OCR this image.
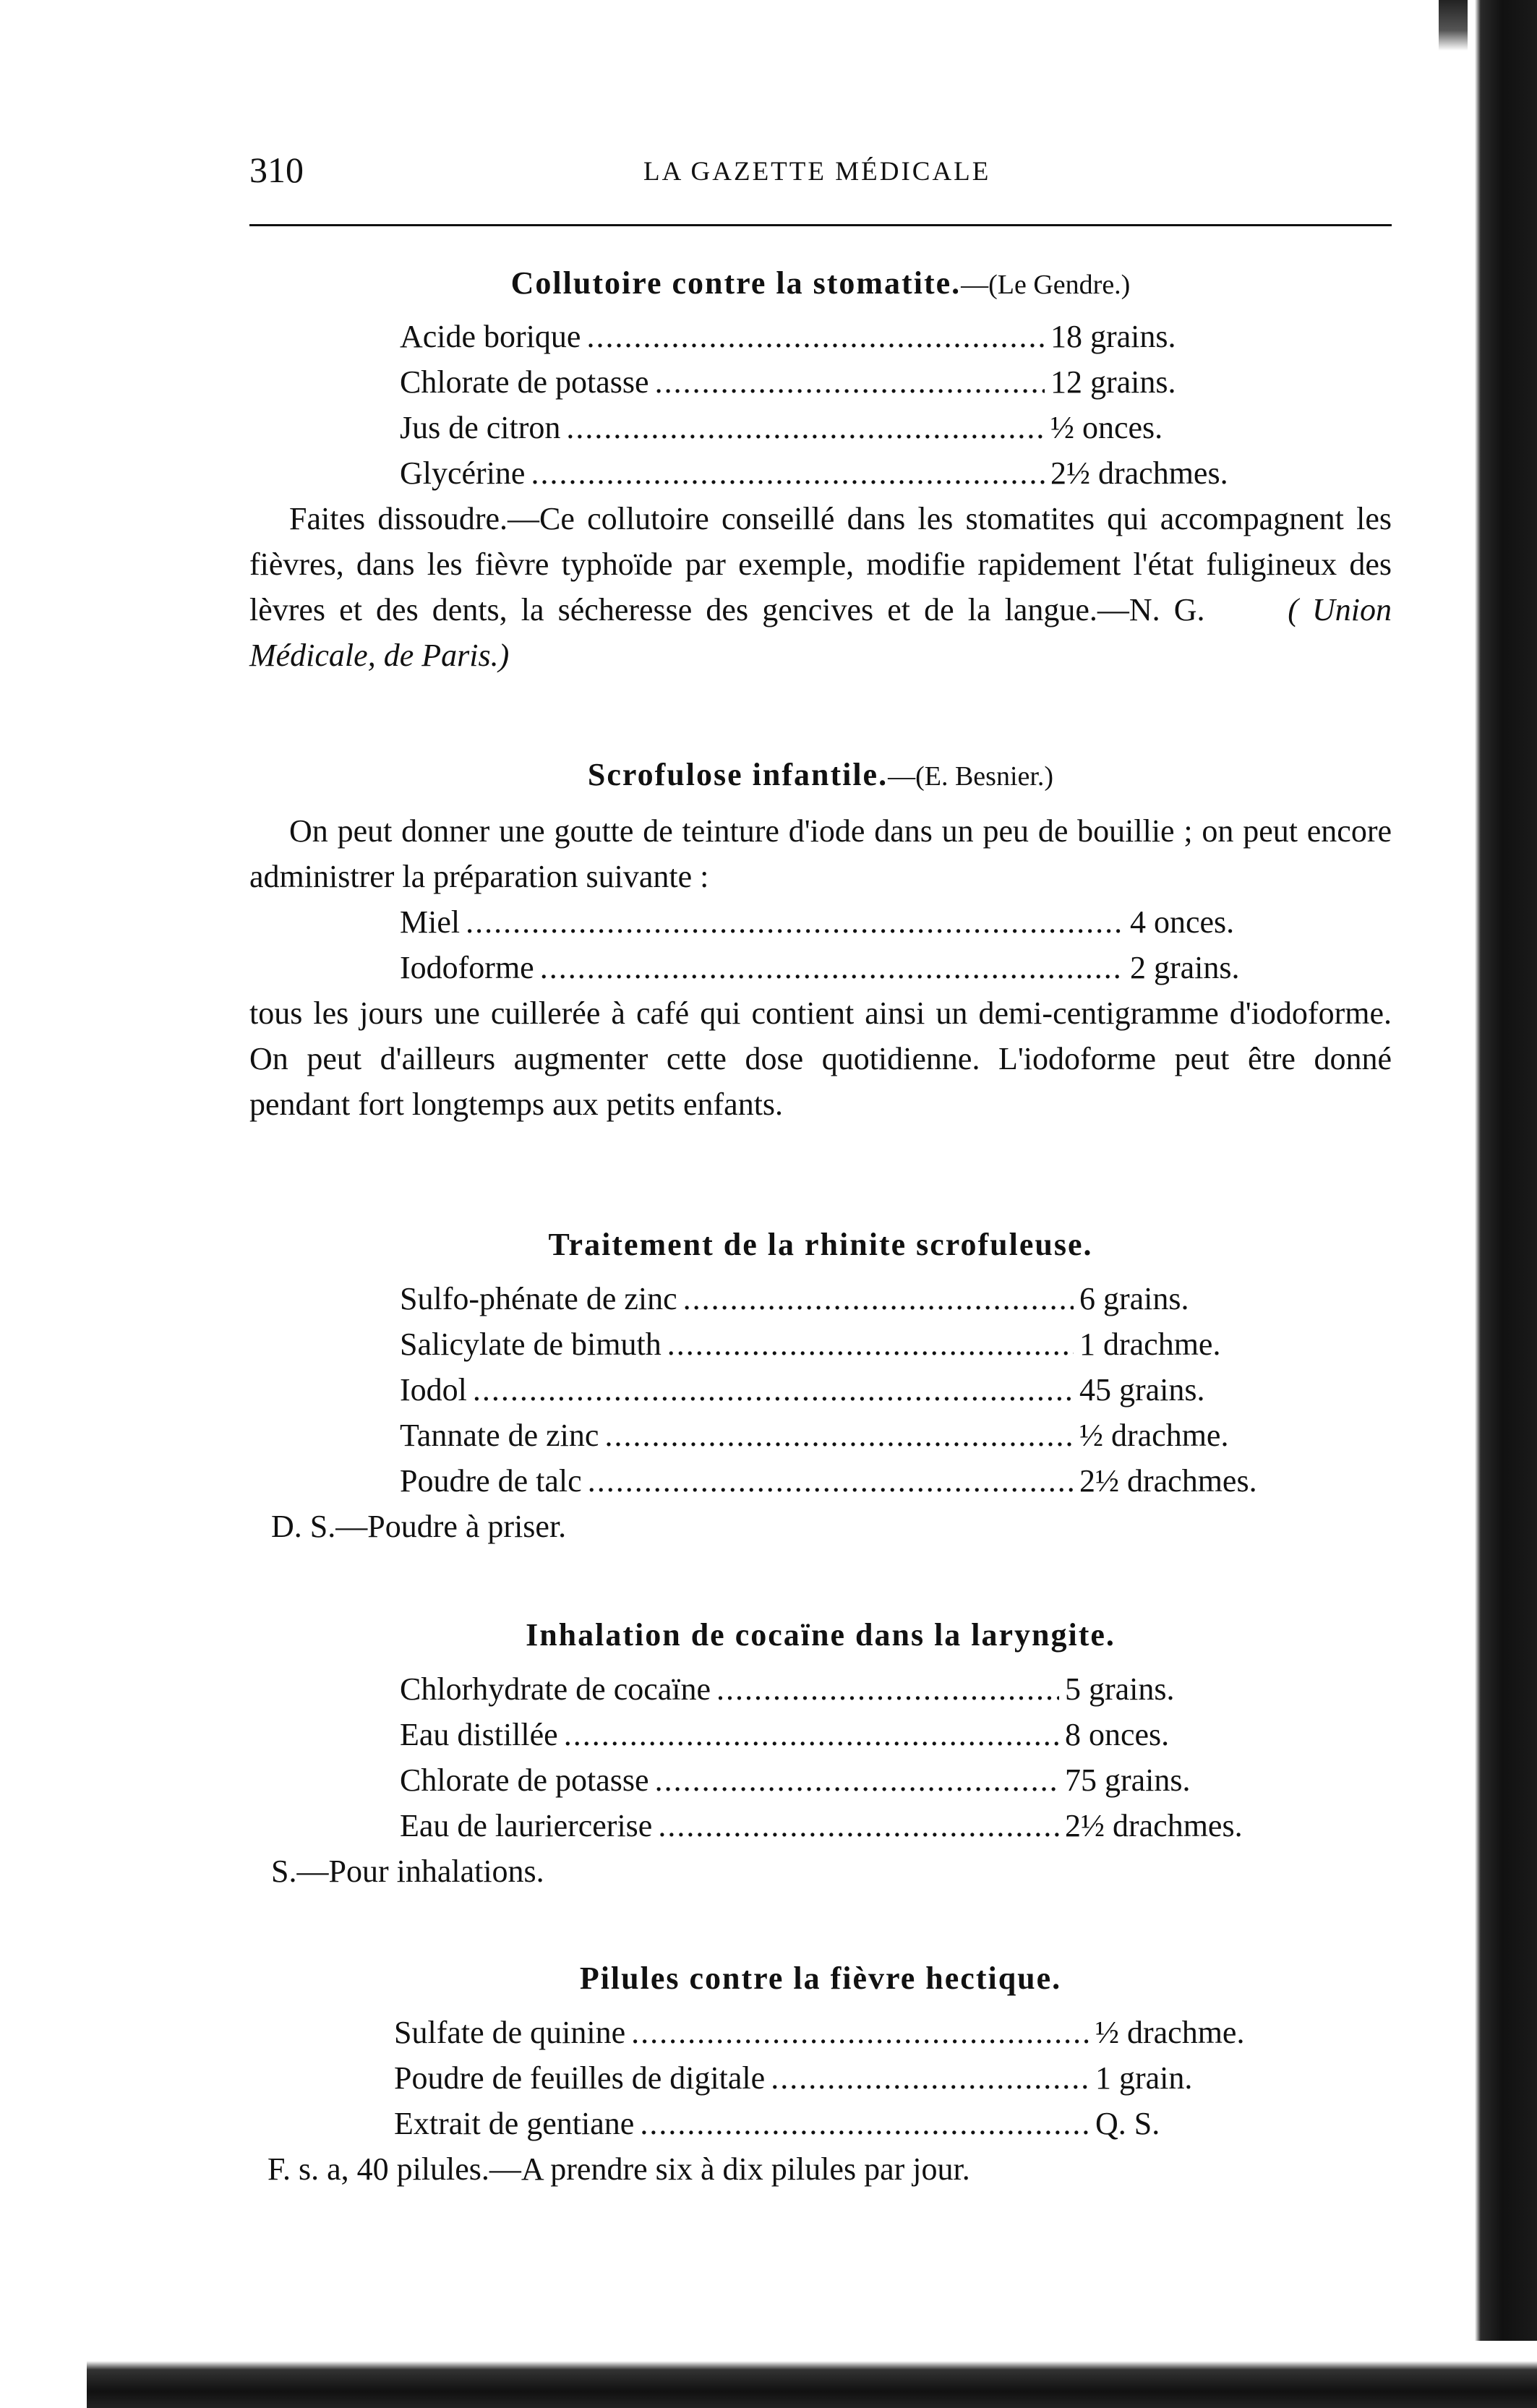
310	LA GAZETTE MÉDICALE
Collutoire contre la stomatite.—(Le Gendre.)
Acide borique .....	18 grains.
Chlorate de potasse .....	12 grains.
Jus de citron .....	½ onces.
Glycérine .....	2½ drachmes.

Faites dissoudre.—Ce collutoire conseillé dans les stomatites qui accompagnent les fièvres, dans les fièvre typhoïde par exemple, modifie rapidement l'état fuligineux des lèvres et des dents, la sécheresse des gencives et de la langue.—N. G.	( Union Médicale, de Paris.)

Scrofulose infantile.—(E. Besnier.)

On peut donner une goutte de teinture d'iode dans un peu de bouillie ; on peut encore administrer la préparation suivante :

Miel .....	4 onces.
Iodoforme .....	2 grains.

tous les jours une cuillerée à café qui contient ainsi un demi-centigramme d'iodoforme. On peut d'ailleurs augmenter cette dose quotidienne. L'iodoforme peut être donné pendant fort longtemps aux petits enfants.

Traitement de la rhinite scrofuleuse.
Sulfo-phénate de zinc .....	6 grains.
Salicylate de bimuth .....	1 drachme.
Iodol .....	45 grains.
Tannate de zinc .....	½ drachme.
Poudre de talc .....	2½ drachmes.

D. S.—Poudre à priser.

Inhalation de cocaïne dans la laryngite.
Chlorhydrate de cocaïne .....	5 grains.
Eau distillée .....	8 onces.
Chlorate de potasse .....	75 grains.
Eau de lauriercerise .....	2½ drachmes.

S.—Pour inhalations.

Pilules contre la fièvre hectique.
Sulfate de quinine .....	½ drachme.
Poudre de feuilles de digitale .....	1 grain.
Extrait de gentiane .....	Q. S.

F. s. a, 40 pilules.—A prendre six à dix pilules par jour.
